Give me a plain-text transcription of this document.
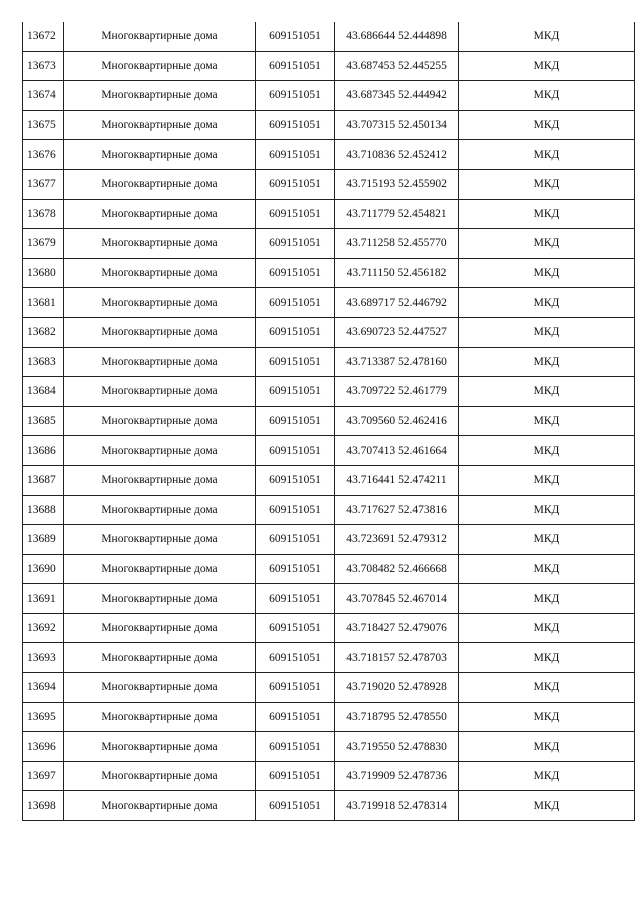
13672	Многоквартирные дома	609151051	43.686644 52.444898	МКД
13673	Многоквартирные дома	609151051	43.687453 52.445255	МКД
13674	Многоквартирные дома	609151051	43.687345 52.444942	МКД
13675	Многоквартирные дома	609151051	43.707315 52.450134	МКД
13676	Многоквартирные дома	609151051	43.710836 52.452412	МКД
13677	Многоквартирные дома	609151051	43.715193 52.455902	МКД
13678	Многоквартирные дома	609151051	43.711779 52.454821	МКД
13679	Многоквартирные дома	609151051	43.711258 52.455770	МКД
13680	Многоквартирные дома	609151051	43.711150 52.456182	МКД
13681	Многоквартирные дома	609151051	43.689717 52.446792	МКД
13682	Многоквартирные дома	609151051	43.690723 52.447527	МКД
13683	Многоквартирные дома	609151051	43.713387 52.478160	МКД
13684	Многоквартирные дома	609151051	43.709722 52.461779	МКД
13685	Многоквартирные дома	609151051	43.709560 52.462416	МКД
13686	Многоквартирные дома	609151051	43.707413 52.461664	МКД
13687	Многоквартирные дома	609151051	43.716441 52.474211	МКД
13688	Многоквартирные дома	609151051	43.717627 52.473816	МКД
13689	Многоквартирные дома	609151051	43.723691 52.479312	МКД
13690	Многоквартирные дома	609151051	43.708482 52.466668	МКД
13691	Многоквартирные дома	609151051	43.707845 52.467014	МКД
13692	Многоквартирные дома	609151051	43.718427 52.479076	МКД
13693	Многоквартирные дома	609151051	43.718157 52.478703	МКД
13694	Многоквартирные дома	609151051	43.719020 52.478928	МКД
13695	Многоквартирные дома	609151051	43.718795 52.478550	МКД
13696	Многоквартирные дома	609151051	43.719550 52.478830	МКД
13697	Многоквартирные дома	609151051	43.719909 52.478736	МКД
13698	Многоквартирные дома	609151051	43.719918 52.478314	МКД
